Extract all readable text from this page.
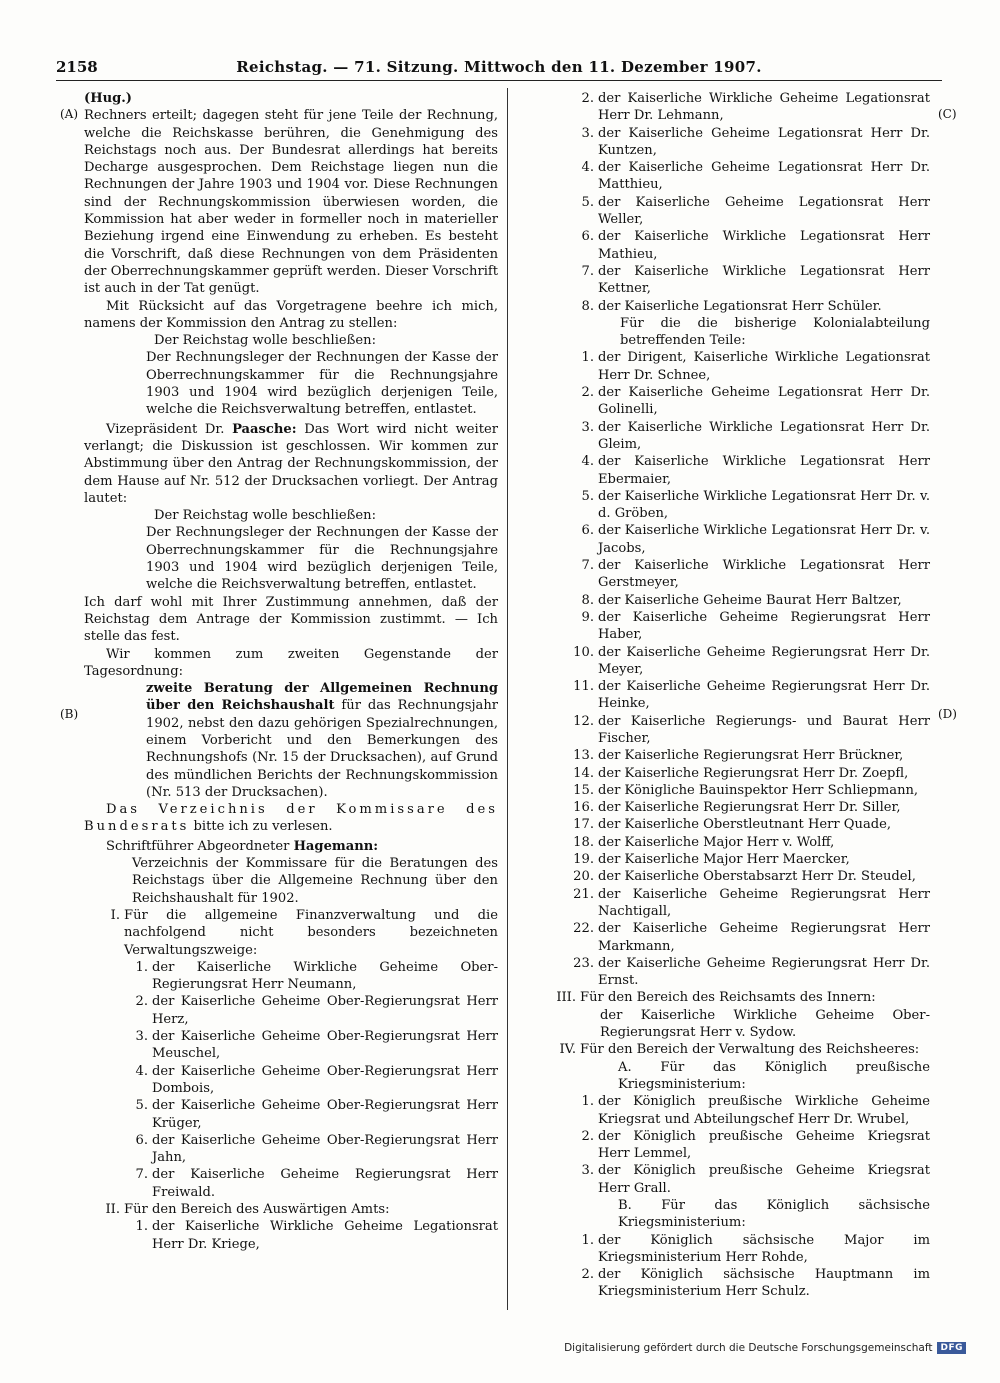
2158	Reichstag. — 71. Sitzung. Mittwoch den 11. Dezember 1907.
(A)
(B)
(C)
(D)

(Hug.)

Rechners erteilt; dagegen steht für jene Teile der Rechnung, welche die Reichskasse berühren, die Genehmigung des Reichstags noch aus. Der Bundesrat allerdings hat bereits Decharge ausgesprochen. Dem Reichstage liegen nun die Rechnungen der Jahre 1903 und 1904 vor. Diese Rechnungen sind der Rechnungskommission überwiesen worden, die Kommission hat aber weder in formeller noch in materieller Beziehung irgend eine Einwendung zu erheben. Es besteht die Vorschrift, daß diese Rechnungen von dem Präsidenten der Oberrechnungskammer geprüft werden. Dieser Vorschrift ist auch in der Tat genügt.

Mit Rücksicht auf das Vorgetragene beehre ich mich, namens der Kommission den Antrag zu stellen:

Der Reichstag wolle beschließen:

Der Rechnungsleger der Rechnungen der Kasse der Oberrechnungskammer für die Rechnungsjahre 1903 und 1904 wird bezüglich derjenigen Teile, welche die Reichsverwaltung betreffen, entlastet.

Vizepräsident Dr. Paasche: Das Wort wird nicht weiter verlangt; die Diskussion ist geschlossen. Wir kommen zur Abstimmung über den Antrag der Rechnungskommission, der dem Hause auf Nr. 512 der Drucksachen vorliegt. Der Antrag lautet:

Der Reichstag wolle beschließen:

Der Rechnungsleger der Rechnungen der Kasse der Oberrechnungskammer für die Rechnungsjahre 1903 und 1904 wird bezüglich derjenigen Teile, welche die Reichsverwaltung betreffen, entlastet.

Ich darf wohl mit Ihrer Zustimmung annehmen, daß der Reichstag dem Antrage der Kommission zustimmt. — Ich stelle das fest.

Wir kommen zum zweiten Gegenstande der Tagesordnung:

zweite Beratung der Allgemeinen Rechnung über den Reichshaushalt für das Rechnungsjahr 1902, nebst den dazu gehörigen Spezialrechnungen, einem Vorbericht und den Bemerkungen des Rechnungshofs (Nr. 15 der Drucksachen), auf Grund des mündlichen Berichts der Rechnungskommission (Nr. 513 der Drucksachen).

Das Verzeichnis der Kommissare des Bundesrats bitte ich zu verlesen.

Schriftführer Abgeordneter Hagemann:

Verzeichnis der Kommissare für die Beratungen des Reichstags über die Allgemeine Rechnung über den Reichshaushalt für 1902.

I. Für die allgemeine Finanzverwaltung und die nachfolgend nicht besonders bezeichneten Verwaltungszweige:
1. der Kaiserliche Wirkliche Geheime Ober-Regierungsrat Herr Neumann,
2. der Kaiserliche Geheime Ober-Regierungsrat Herr Herz,
3. der Kaiserliche Geheime Ober-Regierungsrat Herr Meuschel,
4. der Kaiserliche Geheime Ober-Regierungsrat Herr Dombois,
5. der Kaiserliche Geheime Ober-Regierungsrat Herr Krüger,
6. der Kaiserliche Geheime Ober-Regierungsrat Herr Jahn,
7. der Kaiserliche Geheime Regierungsrat Herr Freiwald.
II. Für den Bereich des Auswärtigen Amts:
1. der Kaiserliche Wirkliche Geheime Legationsrat Herr Dr. Kriege,
2. der Kaiserliche Wirkliche Geheime Legationsrat Herr Dr. Lehmann,
3. der Kaiserliche Geheime Legationsrat Herr Dr. Kuntzen,
4. der Kaiserliche Geheime Legationsrat Herr Dr. Matthieu,
5. der Kaiserliche Geheime Legationsrat Herr Weller,
6. der Kaiserliche Wirkliche Legationsrat Herr Mathieu,
7. der Kaiserliche Wirkliche Legationsrat Herr Kettner,
8. der Kaiserliche Legationsrat Herr Schüler.

Für die die bisherige Kolonialabteilung betreffenden Teile:

1. der Dirigent, Kaiserliche Wirkliche Legationsrat Herr Dr. Schnee,
2. der Kaiserliche Geheime Legationsrat Herr Dr. Golinelli,
3. der Kaiserliche Wirkliche Legationsrat Herr Dr. Gleim,
4. der Kaiserliche Wirkliche Legationsrat Herr Ebermaier,
5. der Kaiserliche Wirkliche Legationsrat Herr Dr. v. d. Gröben,
6. der Kaiserliche Wirkliche Legationsrat Herr Dr. v. Jacobs,
7. der Kaiserliche Wirkliche Legationsrat Herr Gerstmeyer,
8. der Kaiserliche Geheime Baurat Herr Baltzer,
9. der Kaiserliche Geheime Regierungsrat Herr Haber,
10. der Kaiserliche Geheime Regierungsrat Herr Dr. Meyer,
11. der Kaiserliche Geheime Regierungsrat Herr Dr. Heinke,
12. der Kaiserliche Regierungs- und Baurat Herr Fischer,
13. der Kaiserliche Regierungsrat Herr Brückner,
14. der Kaiserliche Regierungsrat Herr Dr. Zoepfl,
15. der Königliche Bauinspektor Herr Schliepmann,
16. der Kaiserliche Regierungsrat Herr Dr. Siller,
17. der Kaiserliche Oberstleutnant Herr Quade,
18. der Kaiserliche Major Herr v. Wolff,
19. der Kaiserliche Major Herr Maercker,
20. der Kaiserliche Oberstabsarzt Herr Dr. Steudel,
21. der Kaiserliche Geheime Regierungsrat Herr Nachtigall,
22. der Kaiserliche Geheime Regierungsrat Herr Markmann,
23. der Kaiserliche Geheime Regierungsrat Herr Dr. Ernst.
III. Für den Bereich des Reichsamts des Innern:

der Kaiserliche Wirkliche Geheime Ober-Regierungsrat Herr v. Sydow.

IV. Für den Bereich der Verwaltung des Reichsheeres:

A. Für das Königlich preußische Kriegsministerium:

1. der Königlich preußische Wirkliche Geheime Kriegsrat und Abteilungschef Herr Dr. Wrubel,
2. der Königlich preußische Geheime Kriegsrat Herr Lemmel,
3. der Königlich preußische Geheime Kriegsrat Herr Grall.

B. Für das Königlich sächsische Kriegsministerium:

1. der Königlich sächsische Major im Kriegsministerium Herr Rohde,
2. der Königlich sächsische Hauptmann im Kriegsministerium Herr Schulz.
Digitalisierung gefördert durch die Deutsche Forschungsgemeinschaft DFG
